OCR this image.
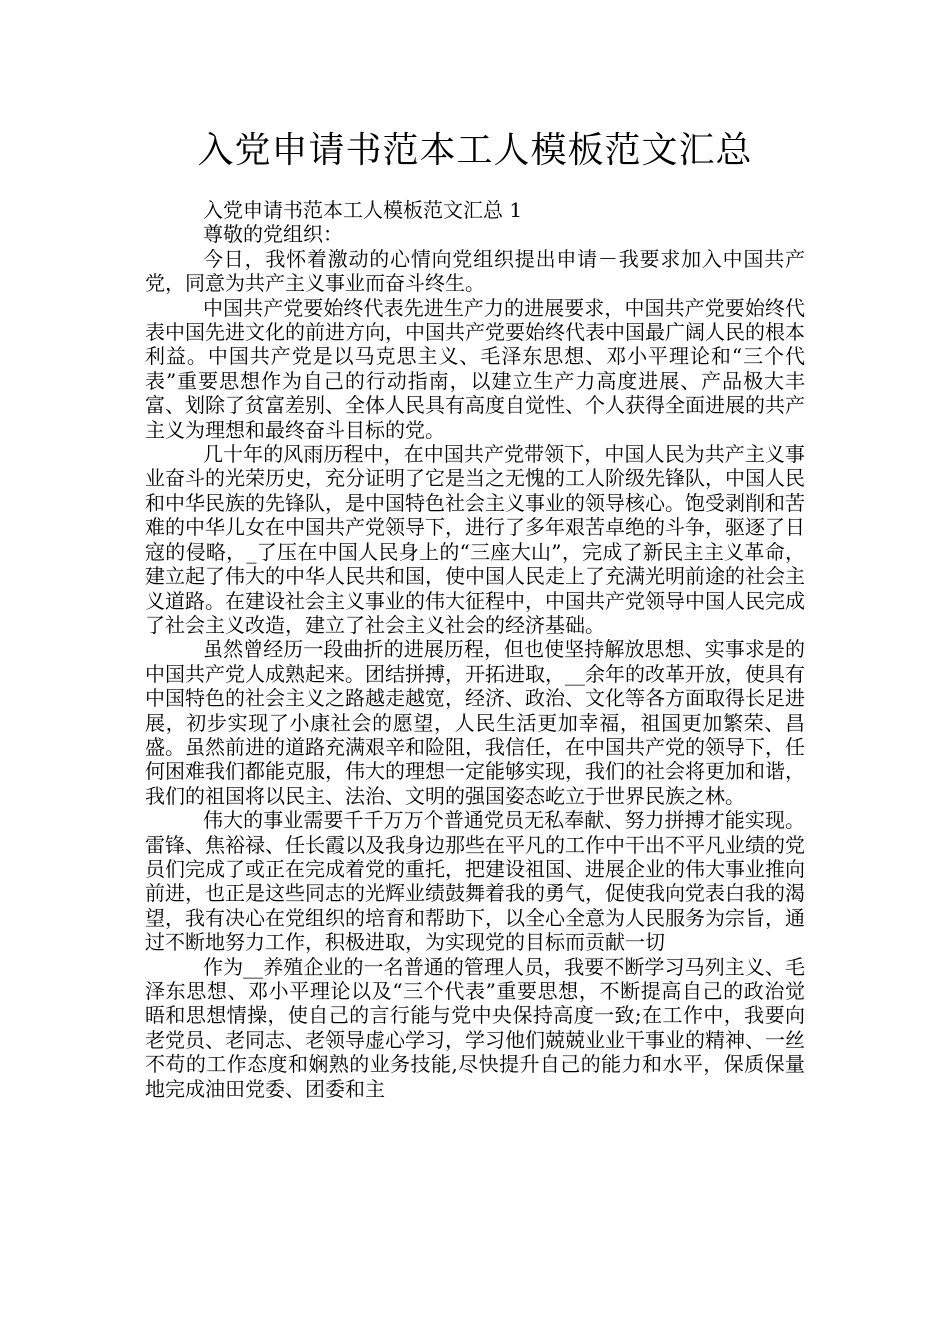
入党申请书范本工人模板范文汇总

入党申请书范本工人模板范文汇总 1

尊敬的党组织：

今日，我怀着激动的心情向党组织提出申请－我要求加入中国共产党，同意为共产主义事业而奋斗终生。

中国共产党要始终代表先进生产力的进展要求，中国共产党要始终代表中国先进文化的前进方向，中国共产党要始终代表中国最广阔人民的根本利益。中国共产党是以马克思主义、毛泽东思想、邓小平理论和“三个代表”重要思想作为自己的行动指南，以建立生产力高度进展、产品极大丰富、划除了贫富差别、全体人民具有高度自觉性、个人获得全面进展的共产主义为理想和最终奋斗目标的党。

几十年的风雨历程中，在中国共产党带领下，中国人民为共产主义事业奋斗的光荣历史，充分证明了它是当之无愧的工人阶级先锋队，中国人民和中华民族的先锋队，是中国特色社会主义事业的领导核心。饱受剥削和苦难的中华儿女在中国共产党领导下，进行了多年艰苦卓绝的斗争，驱逐了日寇的侵略，_了压在中国人民身上的“三座大山”，完成了新民主主义革命，建立起了伟大的中华人民共和国，使中国人民走上了充满光明前途的社会主义道路。在建设社会主义事业的伟大征程中，中国共产党领导中国人民完成了社会主义改造，建立了社会主义社会的经济基础。

虽然曾经历一段曲折的进展历程，但也使坚持解放思想、实事求是的中国共产党人成熟起来。团结拼搏，开拓进取，__余年的改革开放，使具有中国特色的社会主义之路越走越宽，经济、政治、文化等各方面取得长足进展，初步实现了小康社会的愿望，人民生活更加幸福，祖国更加繁荣、昌盛。虽然前进的道路充满艰辛和险阻，我信任，在中国共产党的领导下，任何困难我们都能克服，伟大的理想一定能够实现，我们的社会将更加和谐，我们的祖国将以民主、法治、文明的强国姿态屹立于世界民族之林。

伟大的事业需要千千万万个普通党员无私奉献、努力拼搏才能实现。雷锋、焦裕禄、任长霞以及我身边那些在平凡的工作中干出不平凡业绩的党员们完成了或正在完成着党的重托，把建设祖国、进展企业的伟大事业推向前进，也正是这些同志的光辉业绩鼓舞着我的勇气，促使我向党表白我的渴望，我有决心在党组织的培育和帮助下，以全心全意为人民服务为宗旨，通过不断地努力工作，积极进取，为实现党的目标而贡献一切

作为__养殖企业的一名普通的管理人员，我要不断学习马列主义、毛泽东思想、邓小平理论以及“三个代表”重要思想，不断提高自己的政治觉晤和思想情操，使自己的言行能与党中央保持高度一致;在工作中，我要向老党员、老同志、老领导虚心学习，学习他们兢兢业业干事业的精神、一丝不苟的工作态度和娴熟的业务技能,尽快提升自己的能力和水平，保质保量地完成油田党委、团委和主
